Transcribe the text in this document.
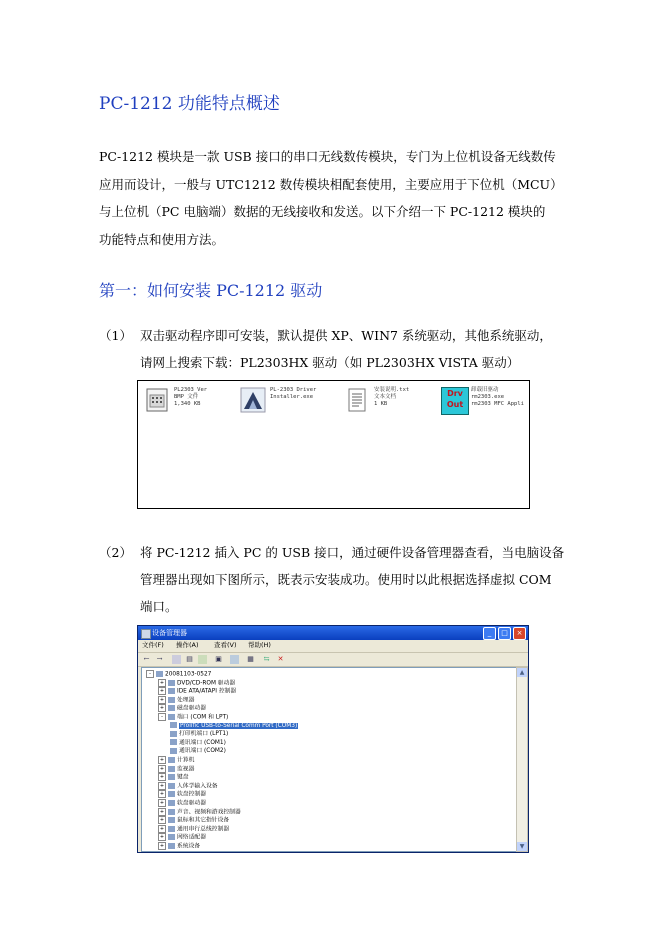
PC-1212 功能特点概述
PC-1212 模块是一款 USB 接口的串口无线数传模块，专门为上位机设备无线数传
应用而设计，一般与 UTC1212 数传模块相配套使用，主要应用于下位机（MCU）
与上位机（PC 电脑端）数据的无线接收和发送。以下介绍一下 PC-1212 模块的
功能特点和使用方法。
第一：如何安装 PC-1212 驱动
（1） 双击驱动程序即可安装，默认提供 XP、WIN7 系统驱动，其他系统驱动，
请网上搜索下载：PL2303HX 驱动（如 PL2303HX VISTA 驱动）
PL2303_Ver
BMP 文件
1,340 KB
PL-2303 Driver
Installer.exe
安装说明.txt
文本文档
1 KB
Drv
Out
卸载旧驱动
rm2303.exe
rm2303 MFC Appli
（2） 将 PC-1212 插入 PC 的 USB 接口，通过硬件设备管理器查看，当电脑设备
管理器出现如下图所示，既表示安装成功。使用时以此根据选择虚拟 COM
端口。
设备管理器	_	□	×
文件(F) 操作(A) 查看(V) 帮助(H)
← →	▤	▣	▦ ⇆ ✕
- 20081103-0527
+ DVD/CD-ROM 驱动器
+ IDE ATA/ATAPI 控制器
+ 处理器
+ 磁盘驱动器
- 端口 (COM 和 LPT)
Prolific USB-to-Serial Comm Port (COM3)
打印机端口 (LPT1)
通讯端口 (COM1)
通讯端口 (COM2)
+ 计算机
+ 监视器
+ 键盘
+ 人体学输入设备
+ 软盘控制器
+ 软盘驱动器
+ 声音、视频和游戏控制器
+ 鼠标和其它指针设备
+ 通用串行总线控制器
+ 网络适配器
+ 系统设备
▲
▼
